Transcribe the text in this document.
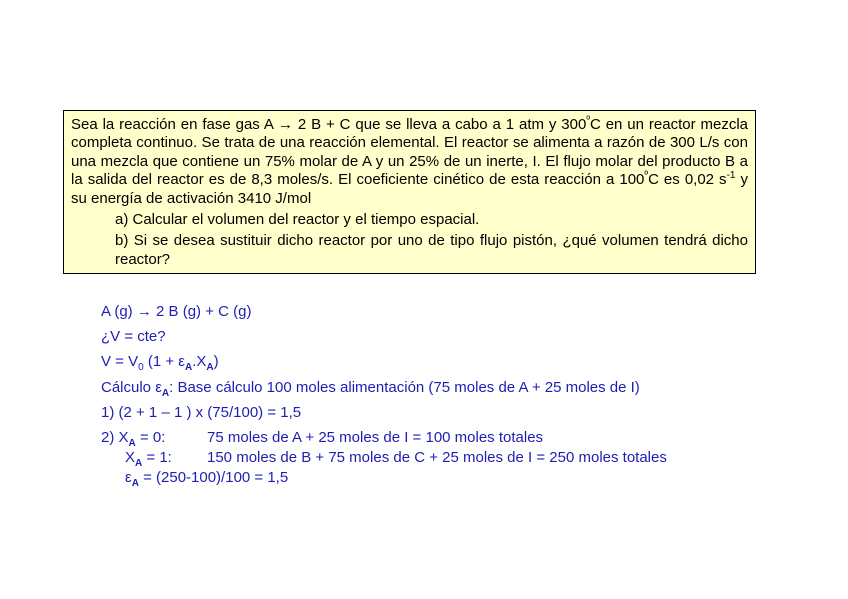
Sea la reacción en fase gas A → 2 B + C que se lleva a cabo a 1 atm y $300^ºC$ en un reactor mezcla completa continuo. Se trata de una reacción elemental. El reactor se alimenta a razón de 300 L/s con una mezcla que contiene un 75% molar de A y un 25% de un inerte, I. El flujo molar del producto B a la salida del reactor es de 8,3 moles/s. El coeficiente cinético de esta reacción a $100^ºC$ es 0,02 $s^{-1}$ y su energía de activación 3410 J/mol

a) Calcular el volumen del reactor y el tiempo espacial.

b) Si se desea sustituir dicho reactor por uno de tipo flujo pistón, ¿qué volumen tendrá dicho reactor?

A (g) → 2 B (g) + C (g)
¿V = cte?
$V = V_0$ $(1 + \varepsilon_A.X_A)$
Cálculo $\varepsilon_A$: Base cálculo 100 moles alimentación (75 moles de A + 25 moles de I)
1) (2 + 1 – 1 ) x (75/100) = 1,5
2) $X_A = 0$:	75 moles de A + 25 moles de I = 100 moles totales
$X_A = 1$: 150 moles de B + 75 moles de C + 25 moles de I = 250 moles totales
$\varepsilon_A = (250-100)/100 = 1,5$
